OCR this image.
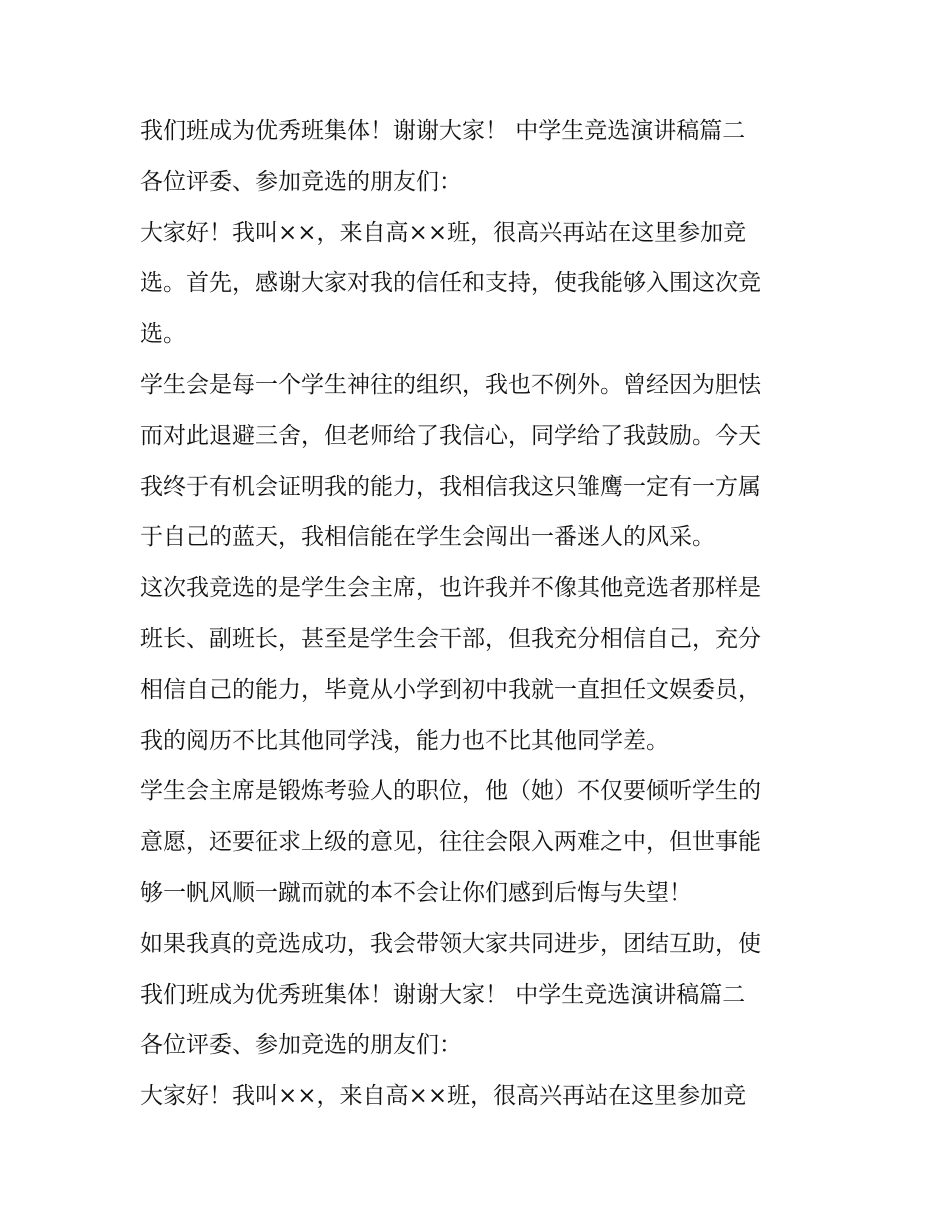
我们班成为优秀班集体！谢谢大家！ 中学生竞选演讲稿篇二
各位评委、参加竞选的朋友们：
大家好！我叫××，来自高××班，很高兴再站在这里参加竞
选。首先，感谢大家对我的信任和支持，使我能够入围这次竞
选。
学生会是每一个学生神往的组织，我也不例外。曾经因为胆怯
而对此退避三舍，但老师给了我信心，同学给了我鼓励。今天
我终于有机会证明我的能力，我相信我这只雏鹰一定有一方属
于自己的蓝天，我相信能在学生会闯出一番迷人的风采。
这次我竞选的是学生会主席，也许我并不像其他竞选者那样是
班长、副班长，甚至是学生会干部，但我充分相信自己，充分
相信自己的能力，毕竟从小学到初中我就一直担任文娱委员，
我的阅历不比其他同学浅，能力也不比其他同学差。
学生会主席是锻炼考验人的职位，他（她）不仅要倾听学生的
意愿，还要征求上级的意见，往往会限入两难之中，但世事能
够一帆风顺一蹴而就的本不会让你们感到后悔与失望！
如果我真的竞选成功，我会带领大家共同进步，团结互助，使
我们班成为优秀班集体！谢谢大家！ 中学生竞选演讲稿篇二
各位评委、参加竞选的朋友们：
大家好！我叫××，来自高××班，很高兴再站在这里参加竞
